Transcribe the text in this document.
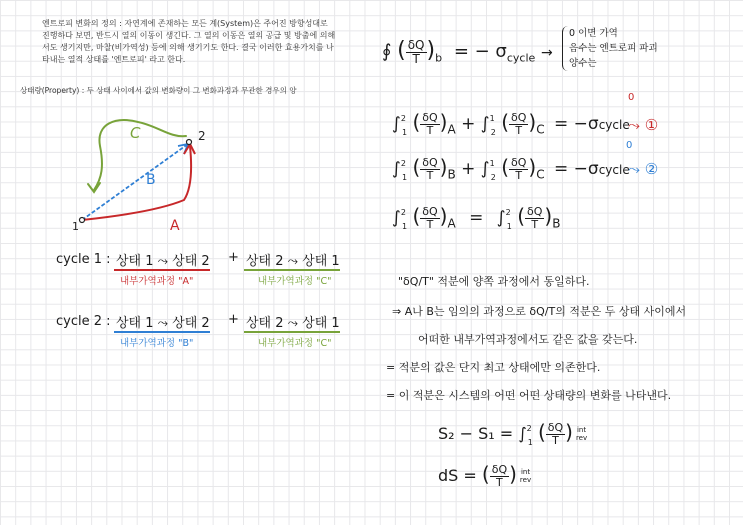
엔트로피 변화의 정의 : 자연계에 존재하는 모든 계(System)은 주어진 방향성대로
진행하다 보면, 반드시 열의 이동이 생긴다. 그 열의 이동은 열의 공급 및 방출에 의해
서도 생기지만, 마찰(비가역성) 등에 의해 생기기도 한다. 결국 이러한 효용가치를 나
타내는 열적 상태를 '엔트로피' 라고 한다.
상태량(Property) : 두 상태 사이에서 값의 변화량이 그 변화과정과 무관한 경우의 양
1
2
C
B
A
cycle 1 : 상태 1 ⤳ 상태 2 + 상태 2 ⤳ 상태 1
내부가역과정 "A"	내부가역과정 "C"
cycle 2 : 상태 1 ⤳ 상태 2 + 상태 2 ⤳ 상태 1
내부가역과정 "B"	내부가역과정 "C"
∮ ( $\frac{\delta Q}{T} )_b$ = − $\sigma_{cycle}$ →
0 이면 가역
음수는 엔트로피 파괴
양수는
∫$^2_1$ ( $\frac{\delta Q}{T} )_A + \int^1_2$ ( $\frac{\delta Q}{T} )_C$ = −σcycle
0
⤳ ①
∫$^2_1$ ( $\frac{\delta Q}{T} )_B + \int^1_2$ ( $\frac{\delta Q}{T} )_C$ = −σcycle
0
⤳ ②
∫$^2_1$ ( $\frac{\delta Q}{T} )_A = \int^2_1$ ( $\frac{\delta Q}{T} )_B$
"δQ/T" 적분에 양쪽 과정에서 동일하다.
⇒ A나 B는 임의의 과정으로 δQ/T의 적분은 두 상태 사이에서
어떠한 내부가역과정에서도 같은 값을 갖는다.
= 적분의 값은 단지 최고 상태에만 의존한다.
= 이 적분은 시스템의 어떤 어떤 상태량의 변화를 나타낸다.
S₂ − S₁ = ∫$^2_1$ ( $\frac{\delta Q}{T}$ ) int
rev
dS = ( $\frac{\delta Q}{T}$ ) int
rev
